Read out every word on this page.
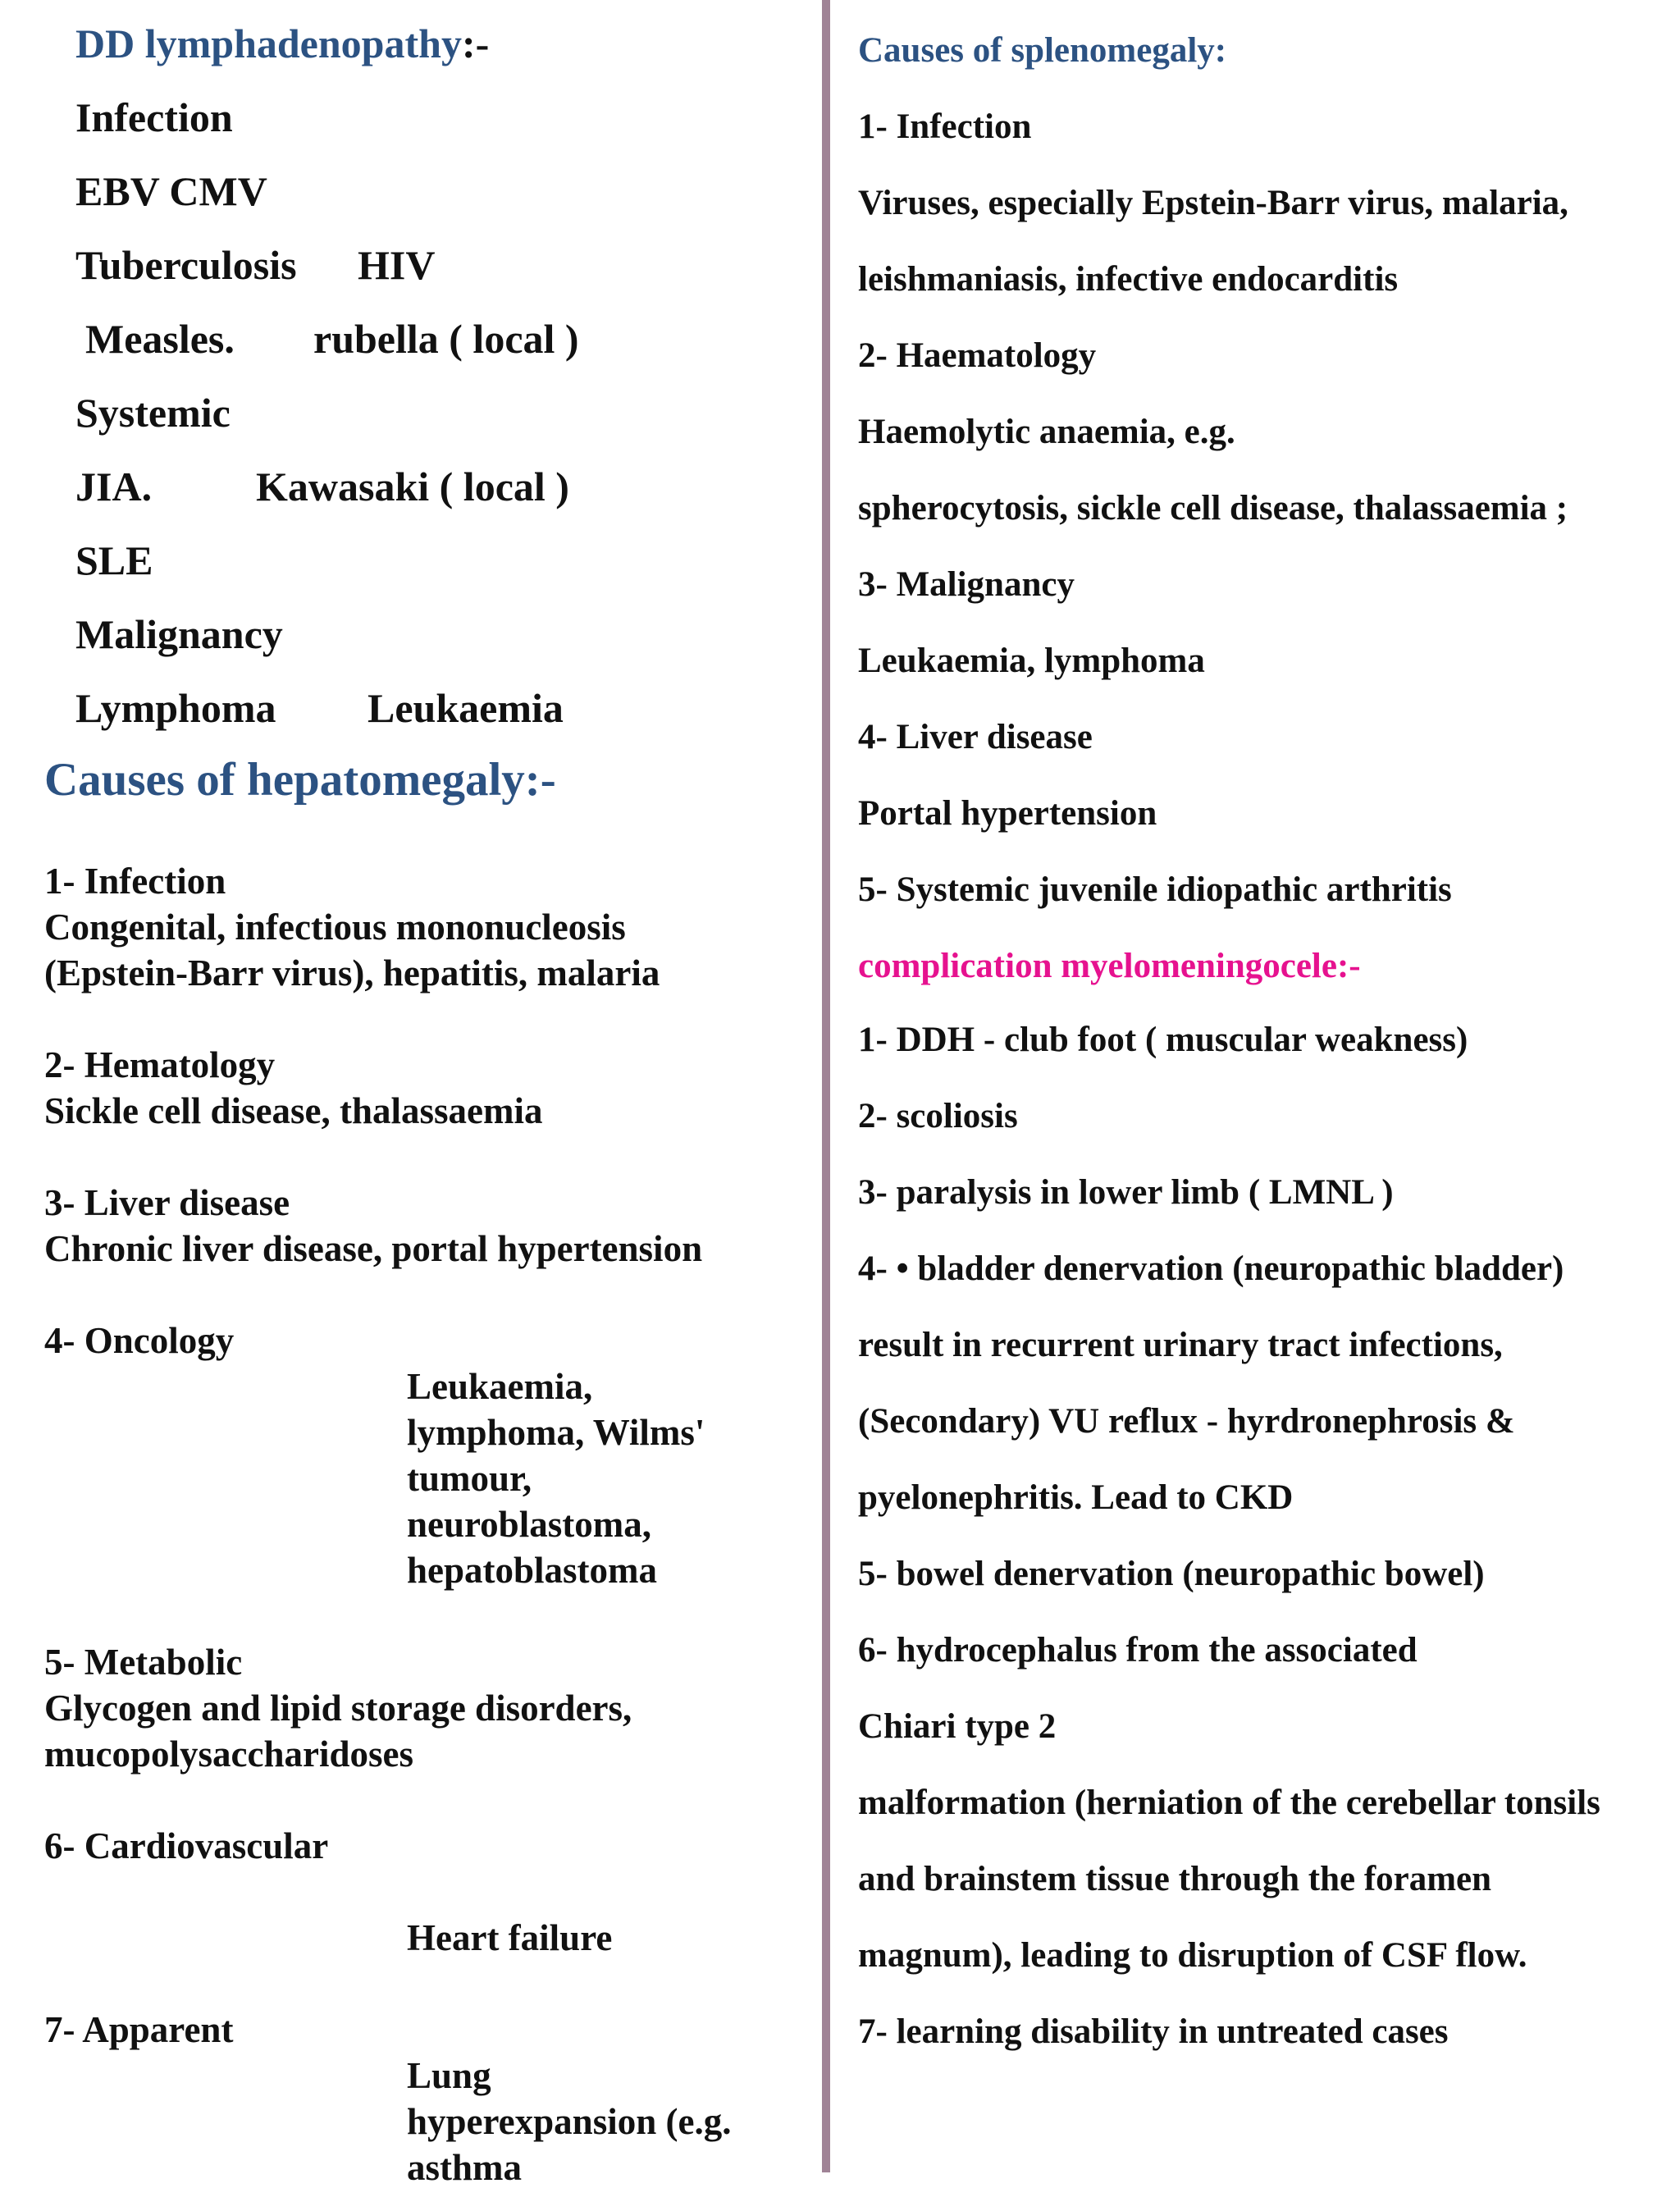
DD lymphadenopathy:-
Infection
EBV CMV
Tuberculosis HIV
Measles. rubella ( local )
Systemic
JIA.	Kawasaki ( local )
SLE
Malignancy
Lymphoma Leukaemia
Causes of hepatomegaly:-
1- Infection
Congenital, infectious mononucleosis
(Epstein-Barr virus), hepatitis, malaria
2- Hematology
Sickle cell disease, thalassaemia
3- Liver disease
Chronic liver disease, portal hypertension
4- Oncology
Leukaemia,
lymphoma, Wilms'
tumour,
neuroblastoma,
hepatoblastoma
5- Metabolic
Glycogen and lipid storage disorders,
mucopolysaccharidoses
6- Cardiovascular
Heart failure
7- Apparent
Lung
hyperexpansion (e.g.
asthma
Causes of splenomegaly:
1- Infection
Viruses, especially Epstein-Barr virus, malaria,
leishmaniasis, infective endocarditis
2- Haematology
Haemolytic anaemia, e.g.
spherocytosis, sickle cell disease, thalassaemia ;
3- Malignancy
Leukaemia, lymphoma
4- Liver disease
Portal hypertension
5- Systemic juvenile idiopathic arthritis
complication myelomeningocele:-
1- DDH - club foot ( muscular weakness)
2- scoliosis
3- paralysis in lower limb ( LMNL )
4- • bladder denervation (neuropathic bladder)
result in recurrent urinary tract infections,
(Secondary) VU reflux - hyrdronephrosis &
pyelonephritis. Lead to CKD
5- bowel denervation (neuropathic bowel)
6- hydrocephalus from the associated
Chiari type 2
malformation (herniation of the cerebellar tonsils
and brainstem tissue through the foramen
magnum), leading to disruption of CSF flow.
7- learning disability in untreated cases
